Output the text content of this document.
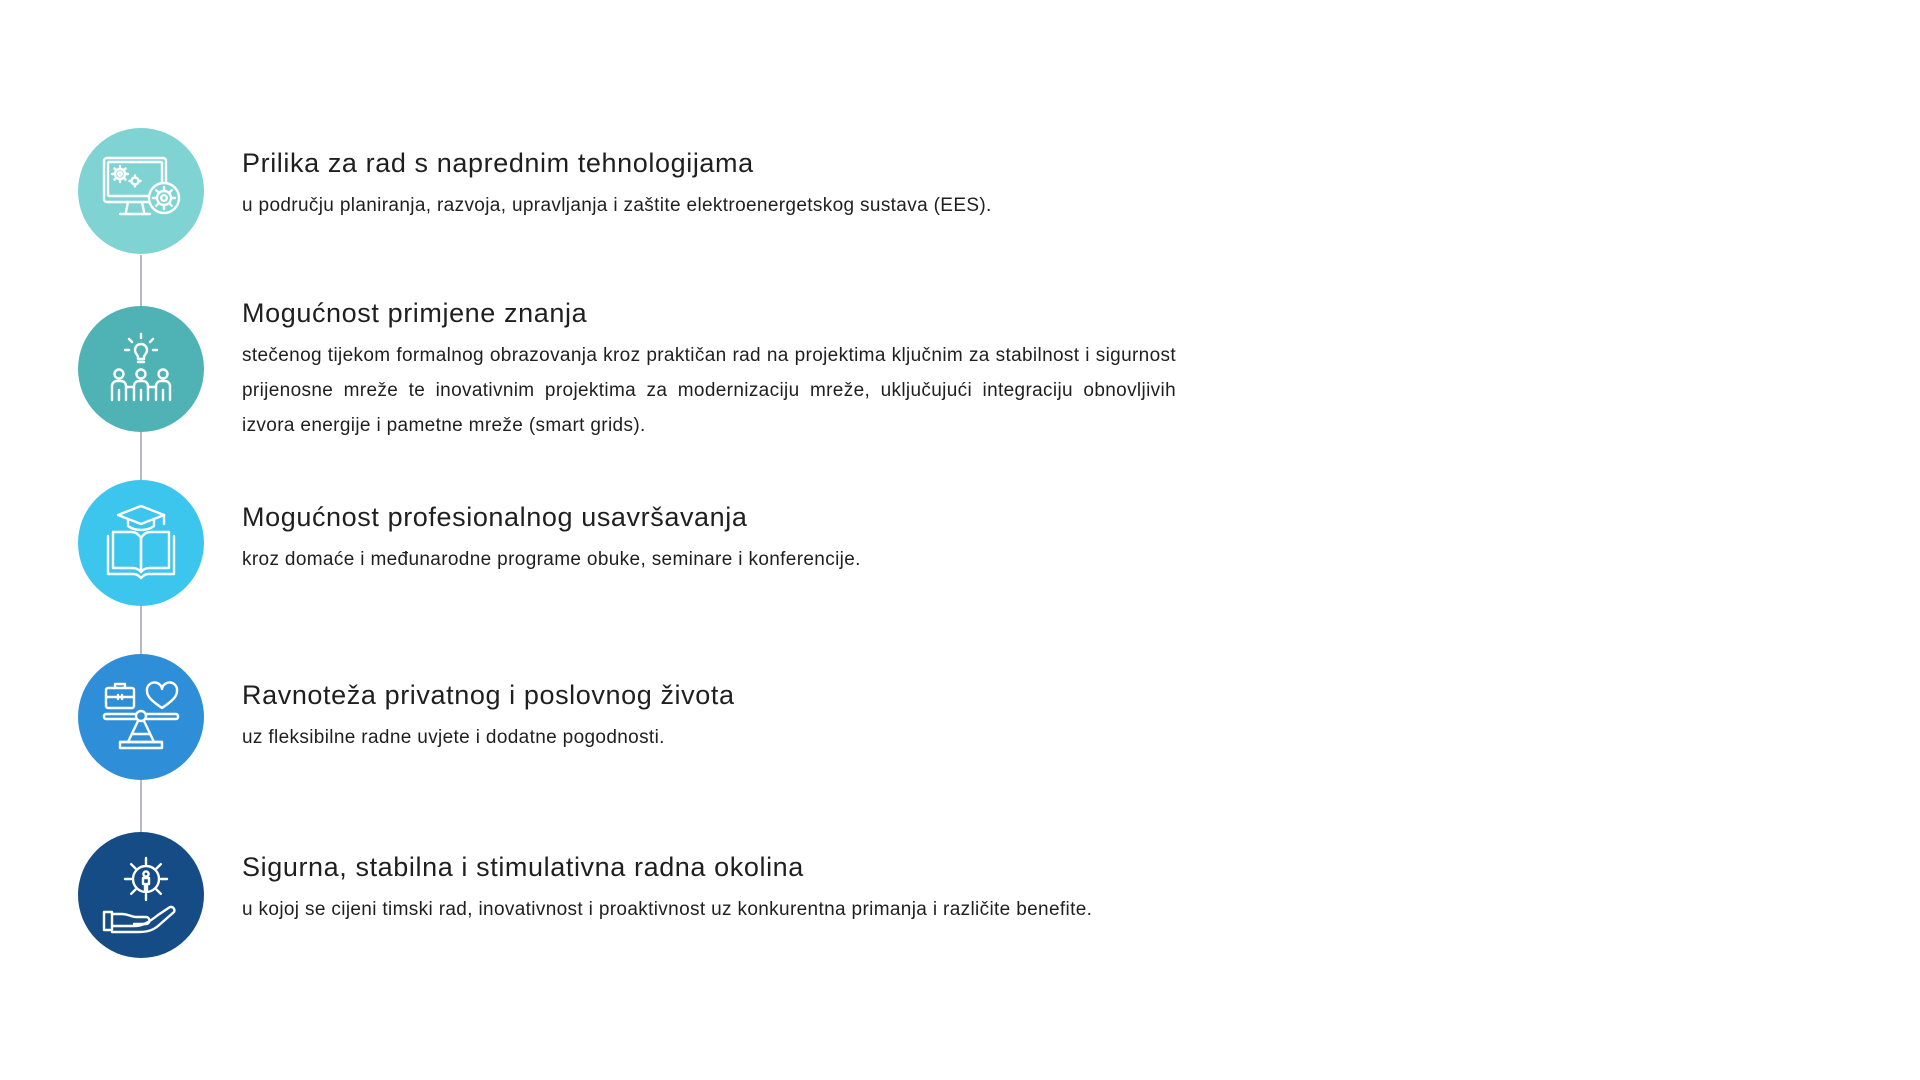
Prilika za rad s naprednim tehnologijama

u području planiranja, razvoja, upravljanja i zaštite elektroenergetskog sustava (EES).

Mogućnost primjene znanja

stečenog tijekom formalnog obrazovanja kroz praktičan rad na projektima ključnim za stabilnost i sigurnost prijenosne mreže te inovativnim projektima za modernizaciju mreže, uključujući integraciju obnovljivih izvora energije i pametne mreže (smart grids).

Mogućnost profesionalnog usavršavanja

kroz domaće i međunarodne programe obuke, seminare i konferencije.

Ravnoteža privatnog i poslovnog života

uz fleksibilne radne uvjete i dodatne pogodnosti.

Sigurna, stabilna i stimulativna radna okolina

u kojoj se cijeni timski rad, inovativnost i proaktivnost uz konkurentna primanja i različite benefite.
